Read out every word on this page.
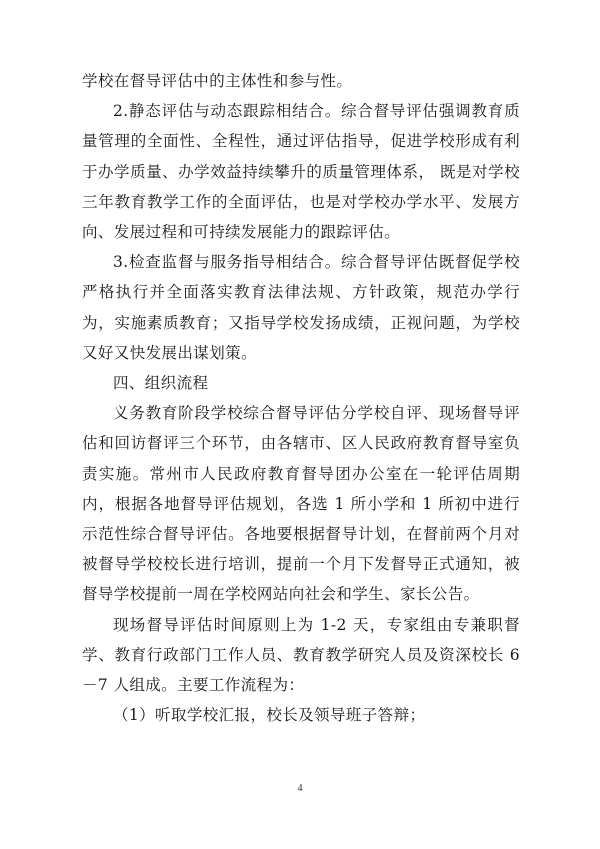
学校在督导评估中的主体性和参与性。

2.静态评估与动态跟踪相结合。综合督导评估强调教育质量管理的全面性、全程性，通过评估指导，促进学校形成有利于办学质量、办学效益持续攀升的质量管理体系， 既是对学校三年教育教学工作的全面评估，也是对学校办学水平、发展方向、发展过程和可持续发展能力的跟踪评估。

3.检查监督与服务指导相结合。综合督导评估既督促学校严格执行并全面落实教育法律法规、方针政策，规范办学行为，实施素质教育；又指导学校发扬成绩，正视问题，为学校又好又快发展出谋划策。

四、组织流程

义务教育阶段学校综合督导评估分学校自评、现场督导评估和回访督评三个环节，由各辖市、区人民政府教育督导室负责实施。常州市人民政府教育督导团办公室在一轮评估周期内，根据各地督导评估规划，各选 1 所小学和 1 所初中进行示范性综合督导评估。各地要根据督导计划，在督前两个月对被督导学校校长进行培训，提前一个月下发督导正式通知，被督导学校提前一周在学校网站向社会和学生、家长公告。

现场督导评估时间原则上为 1-2 天，专家组由专兼职督学、教育行政部门工作人员、教育教学研究人员及资深校长 6－7 人组成。主要工作流程为：

（1）听取学校汇报，校长及领导班子答辩；

4
